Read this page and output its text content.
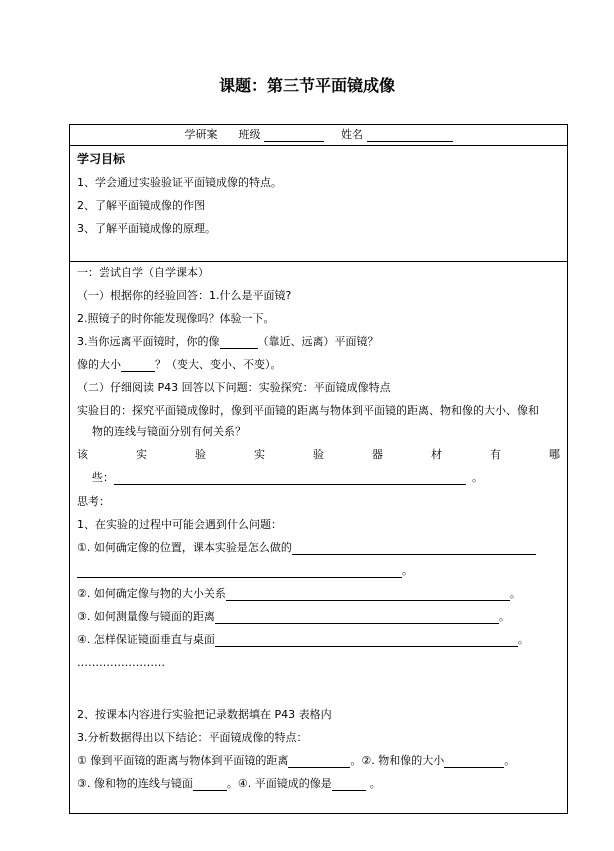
课题：第三节平面镜成像
学研案 班级	姓名
学习目标
1、学会通过实验验证平面镜成像的特点。
2、了解平面镜成像的作图
3、了解平面镜成像的原理。
一：尝试自学（自学课本）
（一）根据你的经验回答：1.什么是平面镜?
2.照镜子的时你能发现像吗？体验一下。
3.当你远离平面镜时，你的像	（靠近、远离）平面镜？
像的大小	？（变大、变小、不变）。
（二）仔细阅读 P43 回答以下问题：实验探究：平面镜成像特点
实验目的：探究平面镜成像时，像到平面镜的距离与物体到平面镜的距离、物和像的大小、像和
物的连线与镜面分别有何关系？
该	实	验	实	验	器	材	有	哪
些：	。
思考：
1、在实验的过程中可能会遇到什么问题：
①. 如何确定像的位置，课本实验是怎么做的
。
②. 如何确定像与物的大小关系	。
③. 如何测量像与镜面的距离	。
④. 怎样保证镜面垂直与桌面	。
……………………
2、按课本内容进行实验把记录数据填在 P43 表格内
3.分析数据得出以下结论：平面镜成像的特点：
① 像到平面镜的距离与物体到平面镜的距离	。②. 物和像的大小	。
③. 像和物的连线与镜面	。④. 平面镜成的像是	。
